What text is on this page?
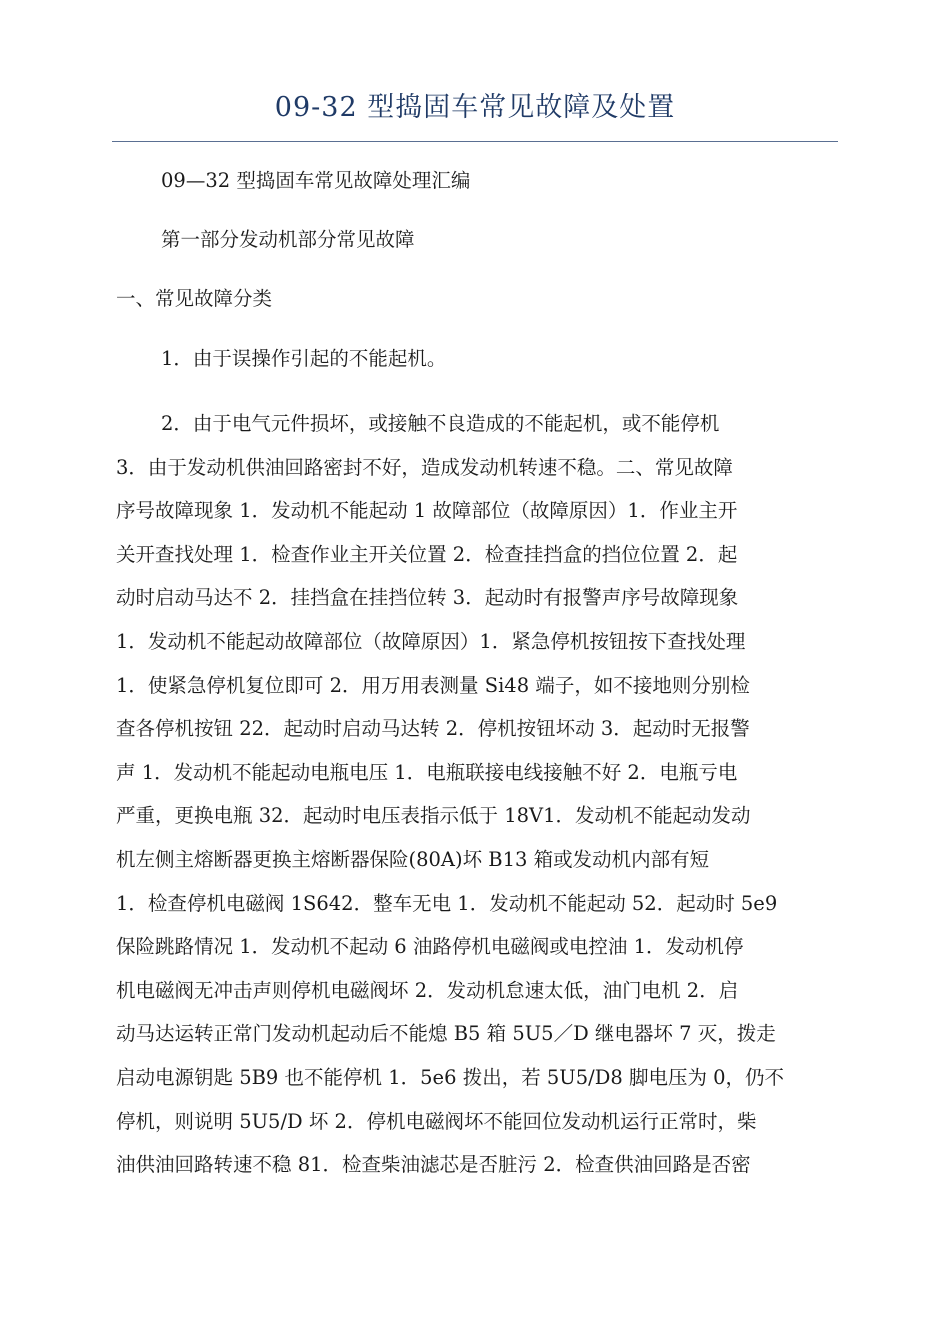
09-32 型捣固车常见故障及处置

09—32 型捣固车常见故障处理汇编

第一部分发动机部分常见故障

一、常见故障分类

1．由于误操作引起的不能起机。

2．由于电气元件损坏，或接触不良造成的不能起机，或不能停机
3．由于发动机供油回路密封不好，造成发动机转速不稳。二、常见故障
序号故障现象 1．发动机不能起动 1 故障部位（故障原因）1．作业主开
关开查找处理 1．检查作业主开关位置 2．检查挂挡盒的挡位位置 2．起
动时启动马达不 2．挂挡盒在挂挡位转 3．起动时有报警声序号故障现象
1．发动机不能起动故障部位（故障原因）1．紧急停机按钮按下查找处理
1．使紧急停机复位即可 2．用万用表测量 Si48 端子，如不接地则分别检
查各停机按钮 22．起动时启动马达转 2．停机按钮坏动 3．起动时无报警
声 1．发动机不能起动电瓶电压 1．电瓶联接电线接触不好 2．电瓶亏电
严重，更换电瓶 32．起动时电压表指示低于 18V1．发动机不能起动发动
机左侧主熔断器更换主熔断器保险(80A)坏 B13 箱或发动机内部有短
1．检查停机电磁阀 1S642．整车无电 1．发动机不能起动 52．起动时 5e9
保险跳路情况 1．发动机不起动 6 油路停机电磁阀或电控油 1．发动机停
机电磁阀无冲击声则停机电磁阀坏 2．发动机怠速太低，油门电机 2．启
动马达运转正常门发动机起动后不能熄 B5 箱 5U5／D 继电器坏 7 灭，拨走
启动电源钥匙 5B9 也不能停机 1．5e6 拨出，若 5U5/D8 脚电压为 0，仍不
停机，则说明 5U5/D 坏 2．停机电磁阀坏不能回位发动机运行正常时，柴
油供油回路转速不稳 81．检查柴油滤芯是否脏污 2．检查供油回路是否密
